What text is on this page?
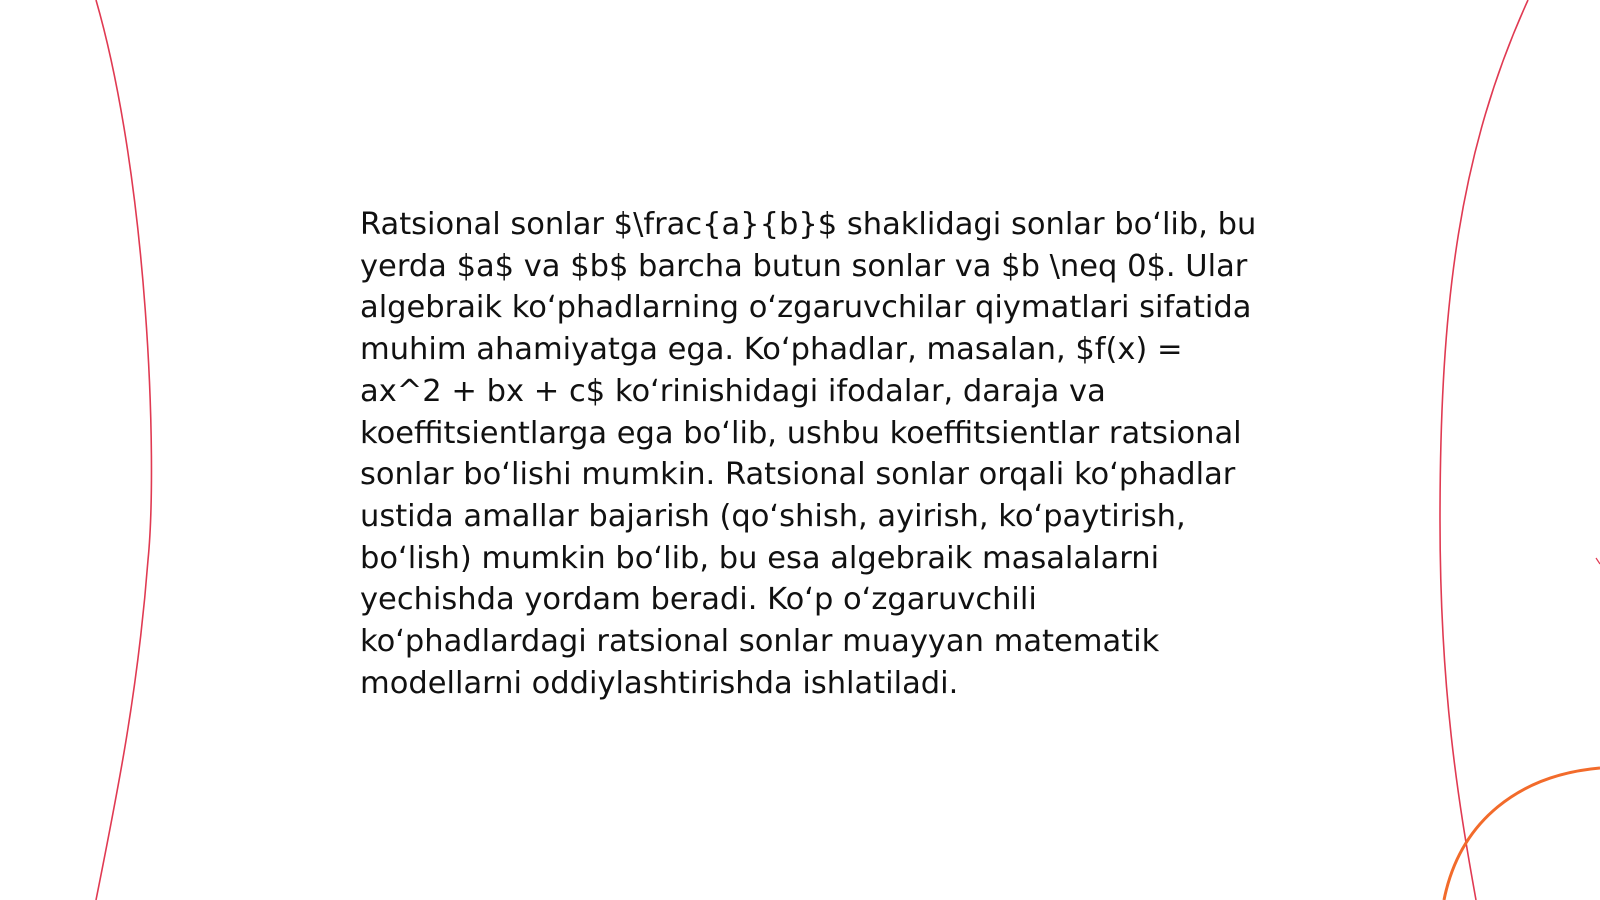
Ratsional sonlar $\frac{a}{b}$ shaklidagi sonlar bo‘lib, bu yerda $a$ va $b$ barcha butun sonlar va $b \neq 0$. Ular algebraik ko‘phadlarning o‘zgaruvchilar qiymatlari sifatida muhim ahamiyatga ega. Ko‘phadlar, masalan, $f(x) = ax^2 + bx + c$ ko‘rinishidagi ifodalar, daraja va koeffitsientlarga ega bo‘lib, ushbu koeffitsientlar ratsional sonlar bo‘lishi mumkin. Ratsional sonlar orqali ko‘phadlar ustida amallar bajarish (qo‘shish, ayirish, ko‘paytirish, bo‘lish) mumkin bo‘lib, bu esa algebraik masalalarni yechishda yordam beradi. Ko‘p o‘zgaruvchili ko‘phadlardagi ratsional sonlar muayyan matematik modellarni oddiylashtirishda ishlatiladi.
